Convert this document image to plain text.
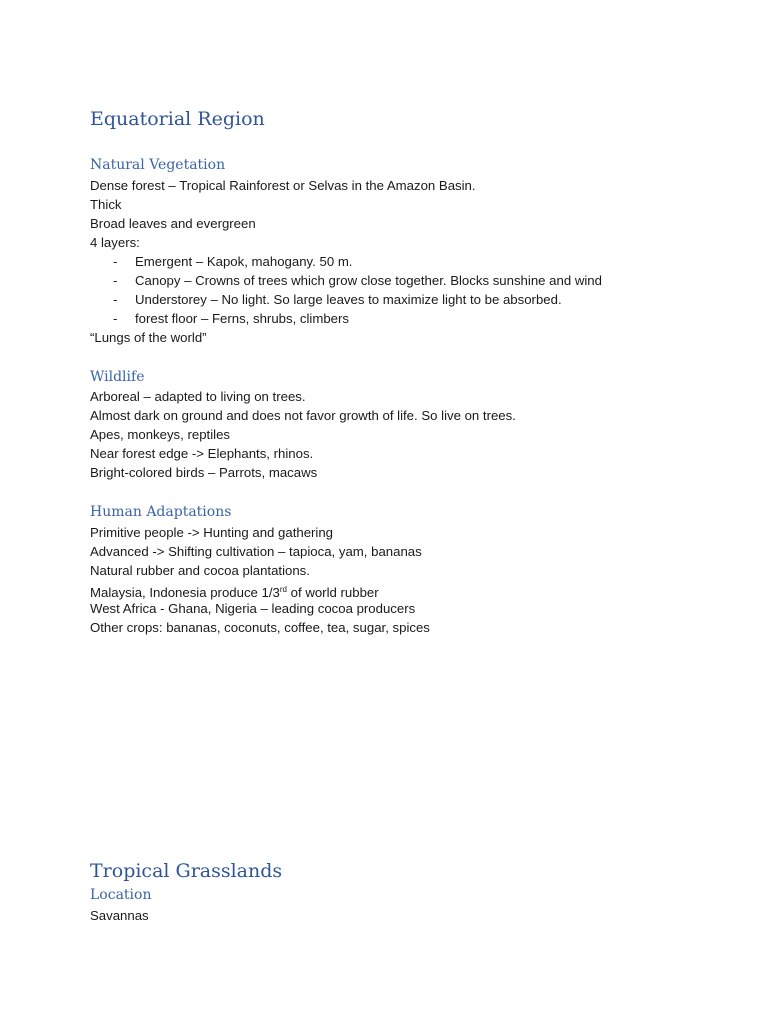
Equatorial Region
Natural Vegetation
Dense forest – Tropical Rainforest or Selvas in the Amazon Basin.
Thick
Broad leaves and evergreen
4 layers:
- Emergent – Kapok, mahogany. 50 m.
- Canopy – Crowns of trees which grow close together. Blocks sunshine and wind
- Understorey – No light. So large leaves to maximize light to be absorbed.
- forest floor – Ferns, shrubs, climbers
“Lungs of the world”
Wildlife
Arboreal – adapted to living on trees.
Almost dark on ground and does not favor growth of life. So live on trees.
Apes, monkeys, reptiles
Near forest edge -> Elephants, rhinos.
Bright-colored birds – Parrots, macaws
Human Adaptations
Primitive people -> Hunting and gathering
Advanced -> Shifting cultivation – tapioca, yam, bananas
Natural rubber and cocoa plantations.
Malaysia, Indonesia produce 1/3rd of world rubber
West Africa - Ghana, Nigeria – leading cocoa producers
Other crops: bananas, coconuts, coffee, tea, sugar, spices
Tropical Grasslands
Location
Savannas
